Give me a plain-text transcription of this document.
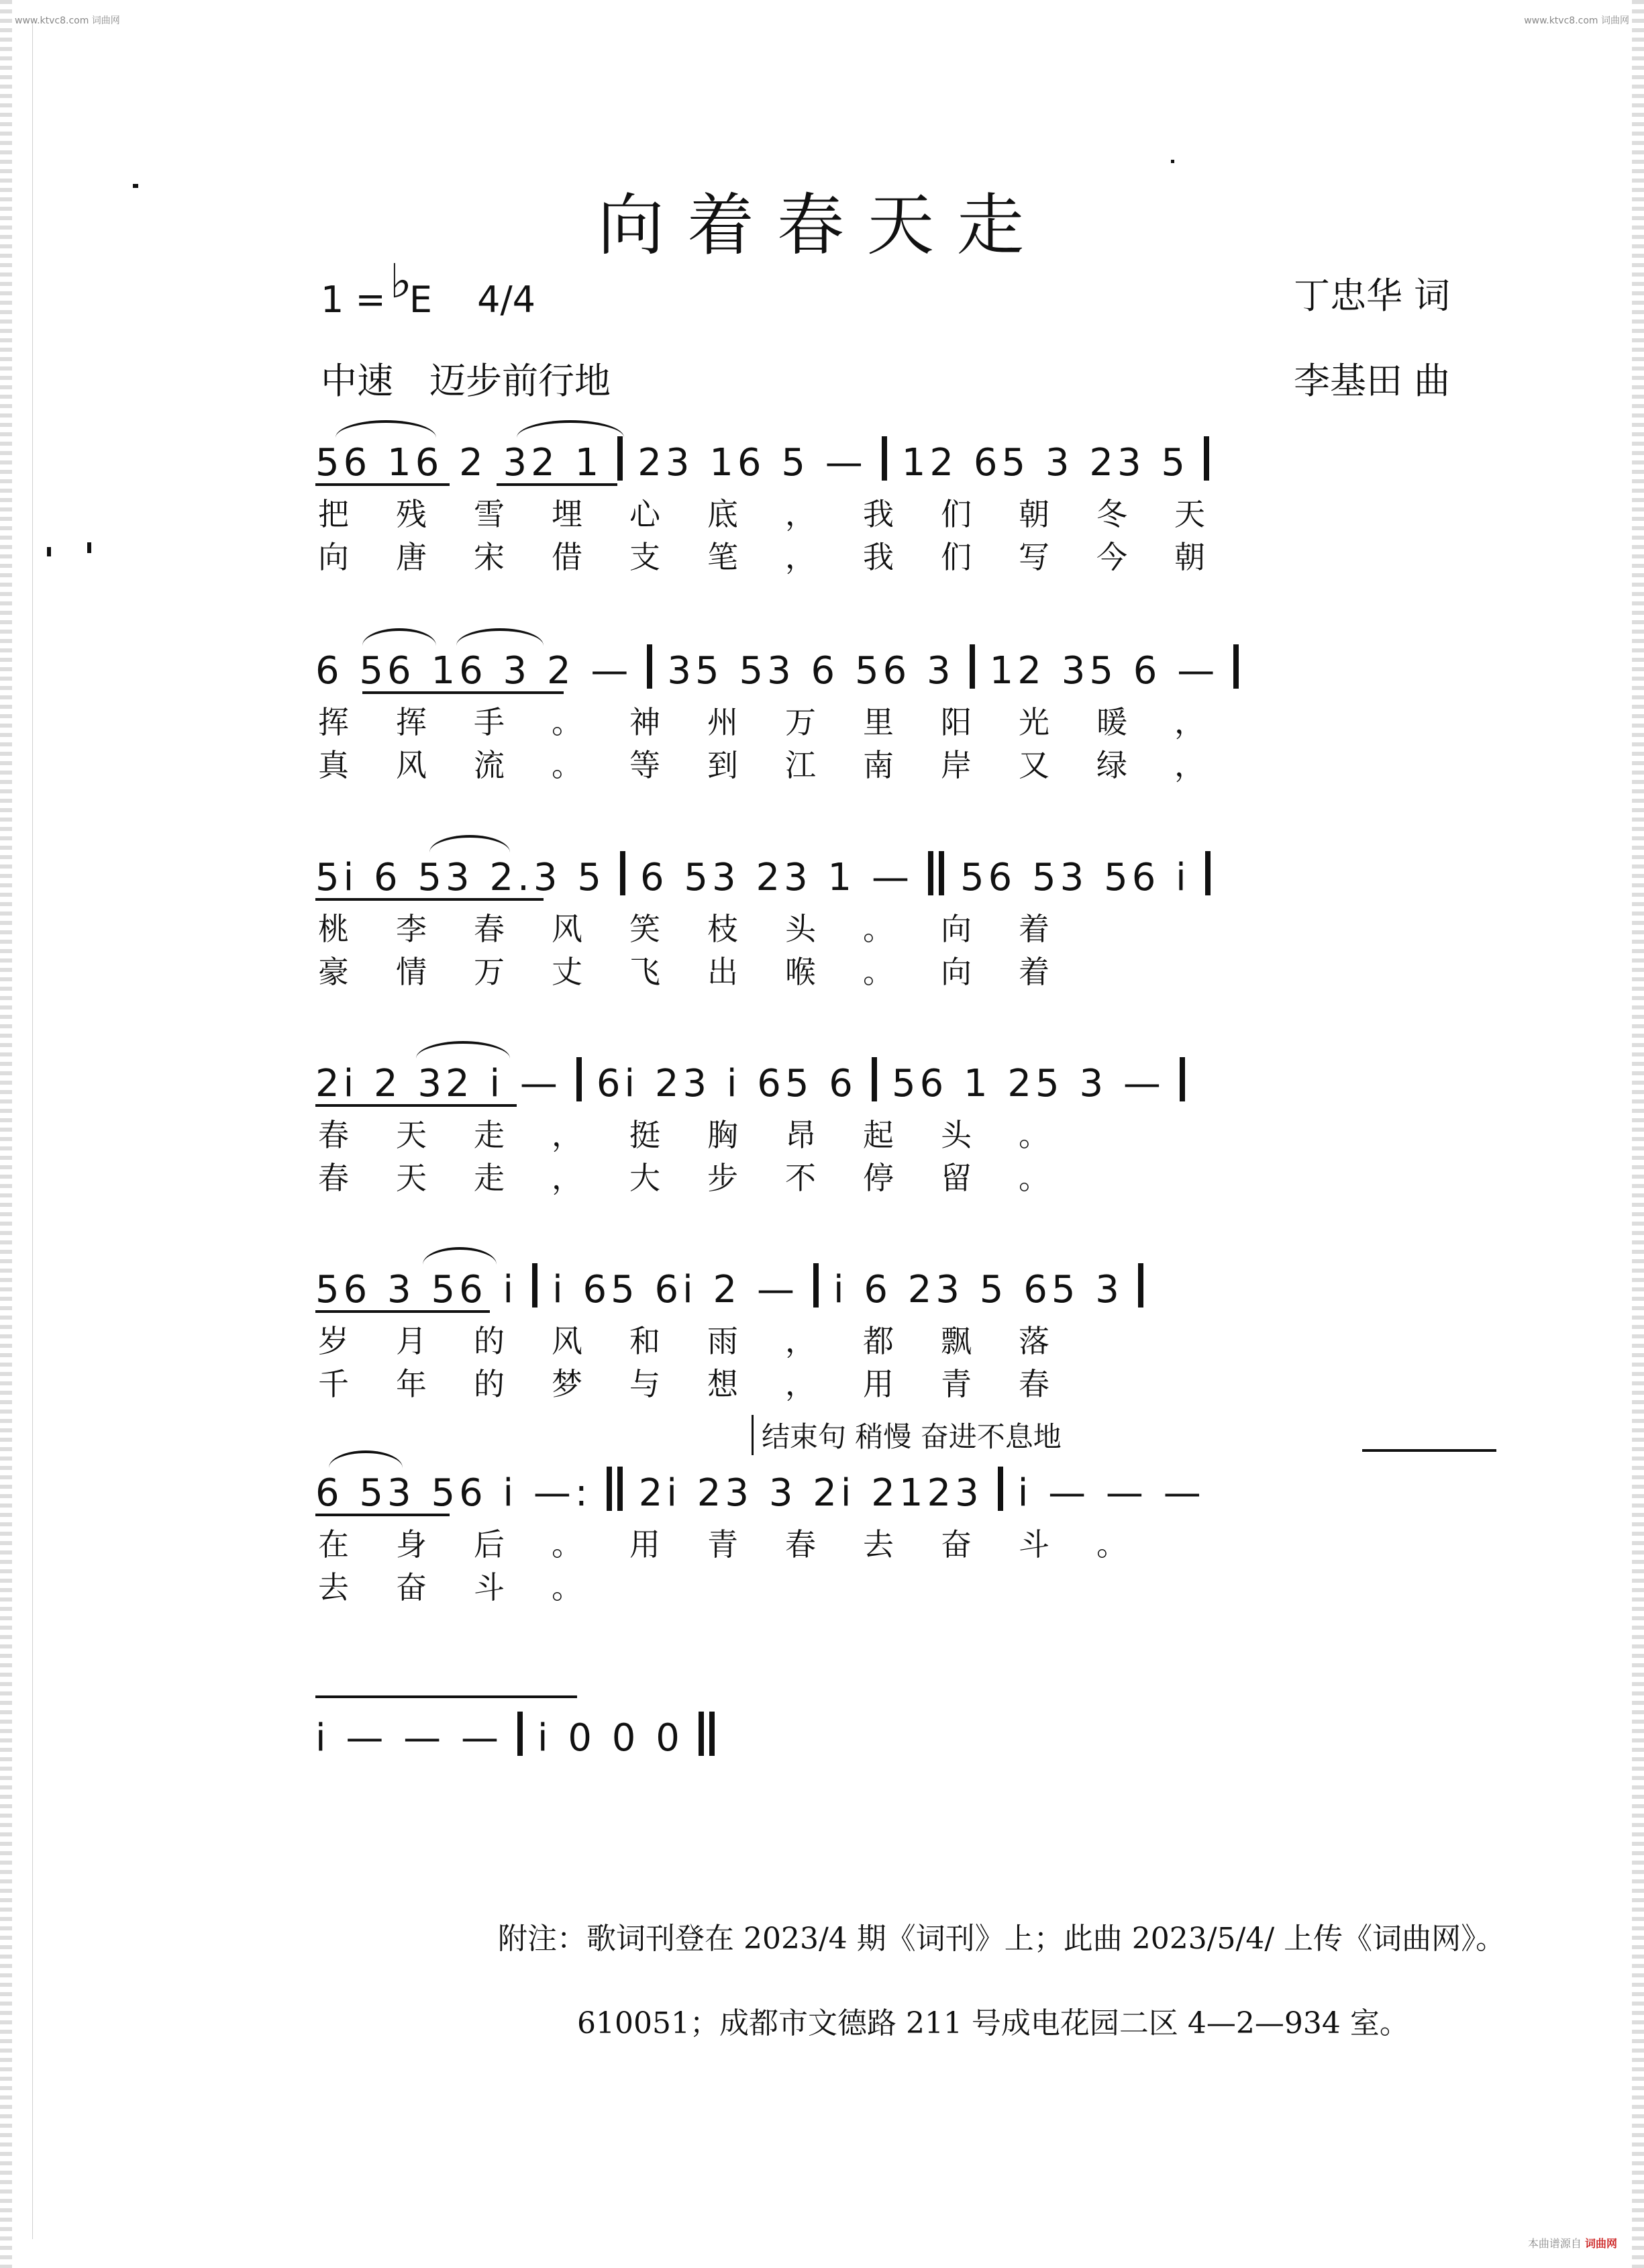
www.ktvc8.com 词曲网	www.ktvc8.com 词曲网
本曲谱源自 词曲网
向着春天走
1 =♭E 4/4
中速　迈步前行地
丁忠华 词
李基田 曲
56 16 2 32 1 23 16 5 — 12 65 3 23 5
把残雪埋心底，我们朝冬天
向唐宋借支笔，我们写今朝
6 56 16 3 2 — 35 53 6 56 3 12 35 6 —
挥挥手。神州万里阳光暖，
真风流。等到江南岸又绿，
5i 6 53 2.3 5 6 53 23 1 — 56 53 56 i
桃李春风笑枝头。向着
豪情万丈飞出喉。向着
2i 2 32 i — 6i 23 i 65 6 56 1 25 3 —
春天走，挺胸昂起头。
春天走，大步不停留。
56 3 56 i i 65 6i 2 — i 6 23 5 65 3
岁月的风和雨，都飘落
千年的梦与想，用青春
结束句 稍慢 奋进不息地
6 53 56 i —: 2i 23 3 2i 2123 i — — —
在身后。用青春去奋斗。
去奋斗。
i — — — i 0 0 0
附注：歌词刊登在 2023/4 期《词刊》上；此曲 2023/5/4/ 上传《词曲网》。
610051；成都市文德路 211 号成电花园二区 4—2—934 室。
